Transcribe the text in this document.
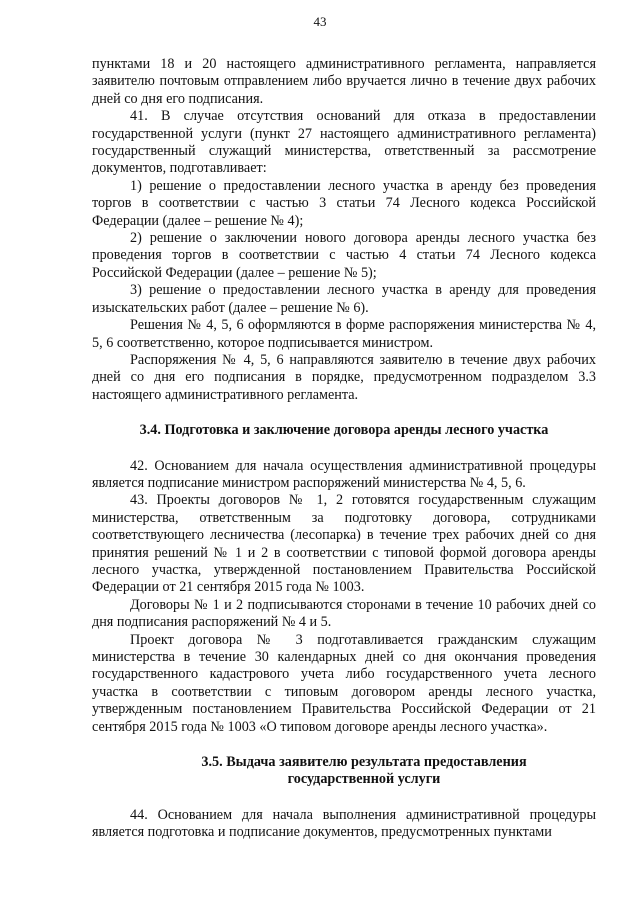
43

пунктами 18 и 20 настоящего административного регламента, направляется заявителю почтовым отправлением либо вручается лично в течение двух рабочих дней со дня его подписания.

41. В случае отсутствия оснований для отказа в предоставлении государственной услуги (пункт 27 настоящего административного регламента) государственный служащий министерства, ответственный за рассмотрение документов, подготавливает:

1) решение о предоставлении лесного участка в аренду без проведения торгов в соответствии с частью 3 статьи 74 Лесного кодекса Российской Федерации (далее – решение № 4);

2) решение о заключении нового договора аренды лесного участка без проведения торгов в соответствии с частью 4 статьи 74 Лесного кодекса Российской Федерации (далее – решение № 5);

3) решение о предоставлении лесного участка в аренду для проведения изыскательских работ (далее – решение № 6).

Решения № 4, 5, 6 оформляются в форме распоряжения министерства № 4, 5, 6 соответственно, которое подписывается министром.

Распоряжения № 4, 5, 6 направляются заявителю в течение двух рабочих дней со дня его подписания в порядке, предусмотренном подразделом 3.3 настоящего административного регламента.

3.4. Подготовка и заключение договора аренды лесного участка

42. Основанием для начала осуществления административной процедуры является подписание министром распоряжений министерства № 4, 5, 6.

43. Проекты договоров № 1, 2 готовятся государственным служащим министерства, ответственным за подготовку договора, сотрудниками соответствующего лесничества (лесопарка) в течение трех рабочих дней со дня принятия решений № 1 и 2 в соответствии с типовой формой договора аренды лесного участка, утвержденной постановлением Правительства Российской Федерации от 21 сентября 2015 года № 1003.

Договоры № 1 и 2 подписываются сторонами в течение 10 рабочих дней со дня подписания распоряжений № 4 и 5.

Проект договора № 3 подготавливается гражданским служащим министерства в течение 30 календарных дней со дня окончания проведения государственного кадастрового учета либо государственного учета лесного участка в соответствии с типовым договором аренды лесного участка, утвержденным постановлением Правительства Российской Федерации от 21 сентября 2015 года № 1003 «О типовом договоре аренды лесного участка».

3.5. Выдача заявителю результата предоставления
государственной услуги

44. Основанием для начала выполнения административной процедуры является подготовка и подписание документов, предусмотренных пунктами
